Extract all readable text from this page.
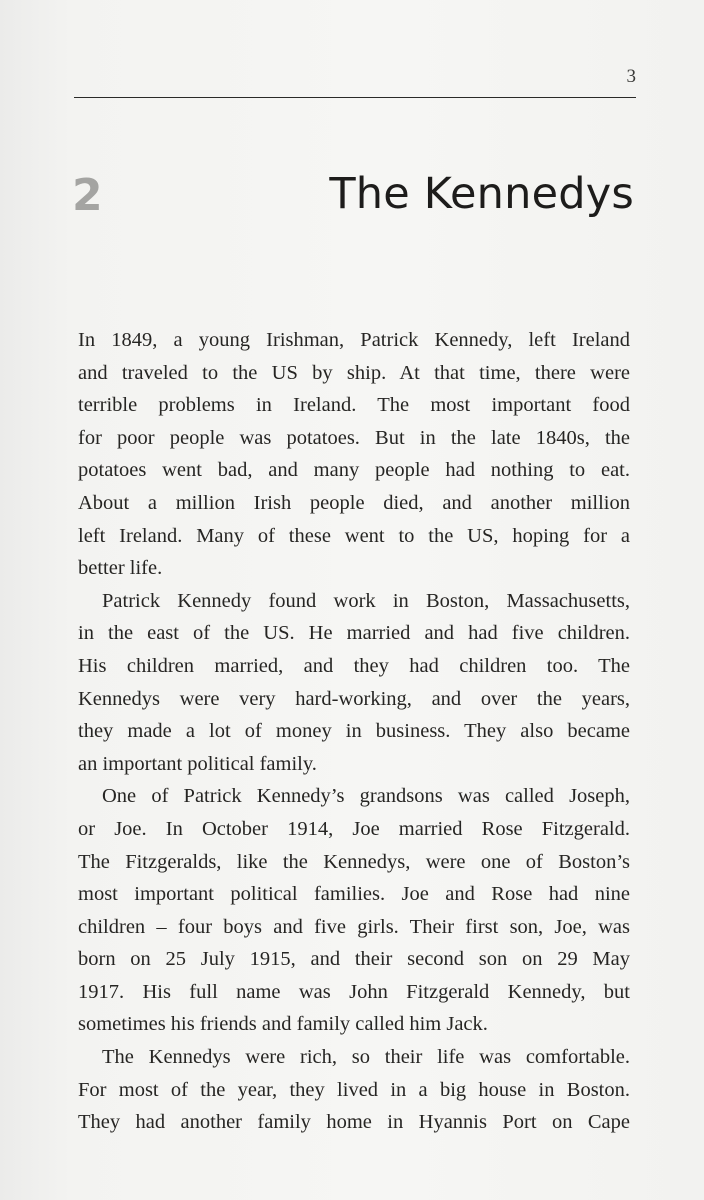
3
2	The Kennedys
In 1849, a young Irishman, Patrick Kennedy, left Ireland
and traveled to the US by ship. At that time, there were
terrible problems in Ireland. The most important food
for poor people was potatoes. But in the late 1840s, the
potatoes went bad, and many people had nothing to eat.
About a million Irish people died, and another million
left Ireland. Many of these went to the US, hoping for a
better life.
Patrick Kennedy found work in Boston, Massachusetts,
in the east of the US. He married and had five children.
His children married, and they had children too. The
Kennedys were very hard-working, and over the years,
they made a lot of money in business. They also became
an important political family.
One of Patrick Kennedy’s grandsons was called Joseph,
or Joe. In October 1914, Joe married Rose Fitzgerald.
The Fitzgeralds, like the Kennedys, were one of Boston’s
most important political families. Joe and Rose had nine
children – four boys and five girls. Their first son, Joe, was
born on 25 July 1915, and their second son on 29 May
1917. His full name was John Fitzgerald Kennedy, but
sometimes his friends and family called him Jack.
The Kennedys were rich, so their life was comfortable.
For most of the year, they lived in a big house in Boston.
They had another family home in Hyannis Port on Cape
